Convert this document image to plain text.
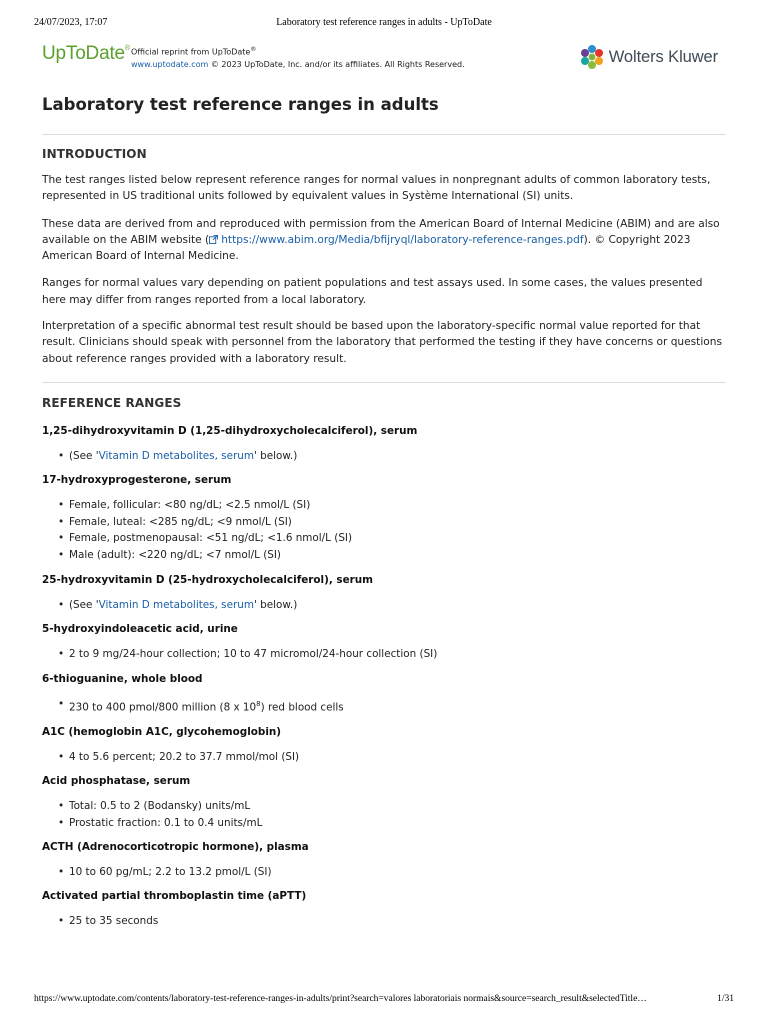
24/07/2023, 17:07	Laboratory test reference ranges in adults - UpToDate
UpToDate® Official reprint from UpToDate®
www.uptodate.com © 2023 UpToDate, Inc. and/or its affiliates. All Rights Reserved.	Wolters Kluwer
Laboratory test reference ranges in adults
INTRODUCTION

The test ranges listed below represent reference ranges for normal values in nonpregnant adults of common laboratory tests, represented in US traditional units followed by equivalent values in Système International (SI) units.

These data are derived from and reproduced with permission from the American Board of Internal Medicine (ABIM) and are also available on the ABIM website ( https://www.abim.org/Media/bfijryql/laboratory-reference-ranges.pdf). © Copyright 2023 American Board of Internal Medicine.

Ranges for normal values vary depending on patient populations and test assays used. In some cases, the values presented here may differ from ranges reported from a local laboratory.

Interpretation of a specific abnormal test result should be based upon the laboratory-specific normal value reported for that result. Clinicians should speak with personnel from the laboratory that performed the testing if they have concerns or questions about reference ranges provided with a laboratory result.

REFERENCE RANGES
1,25-dihydroxyvitamin D (1,25-dihydroxycholecalciferol), serum
• (See 'Vitamin D metabolites, serum' below.)
17-hydroxyprogesterone, serum
• Female, follicular: <80 ng/dL; <2.5 nmol/L (SI)
• Female, luteal: <285 ng/dL; <9 nmol/L (SI)
• Female, postmenopausal: <51 ng/dL; <1.6 nmol/L (SI)
• Male (adult): <220 ng/dL; <7 nmol/L (SI)
25-hydroxyvitamin D (25-hydroxycholecalciferol), serum
• (See 'Vitamin D metabolites, serum' below.)
5-hydroxyindoleacetic acid, urine
• 2 to 9 mg/24-hour collection; 10 to 47 micromol/24-hour collection (SI)
6-thioguanine, whole blood
• 230 to 400 pmol/800 million (8 x $10^8$) red blood cells
A1C (hemoglobin A1C, glycohemoglobin)
• 4 to 5.6 percent; 20.2 to 37.7 mmol/mol (SI)
Acid phosphatase, serum
• Total: 0.5 to 2 (Bodansky) units/mL
• Prostatic fraction: 0.1 to 0.4 units/mL
ACTH (Adrenocorticotropic hormone), plasma
• 10 to 60 pg/mL; 2.2 to 13.2 pmol/L (SI)
Activated partial thromboplastin time (aPTT)
• 25 to 35 seconds
https://www.uptodate.com/contents/laboratory-test-reference-ranges-in-adults/print?search=valores laboratoriais normais&source=search_result&selectedTitle…	1/31
